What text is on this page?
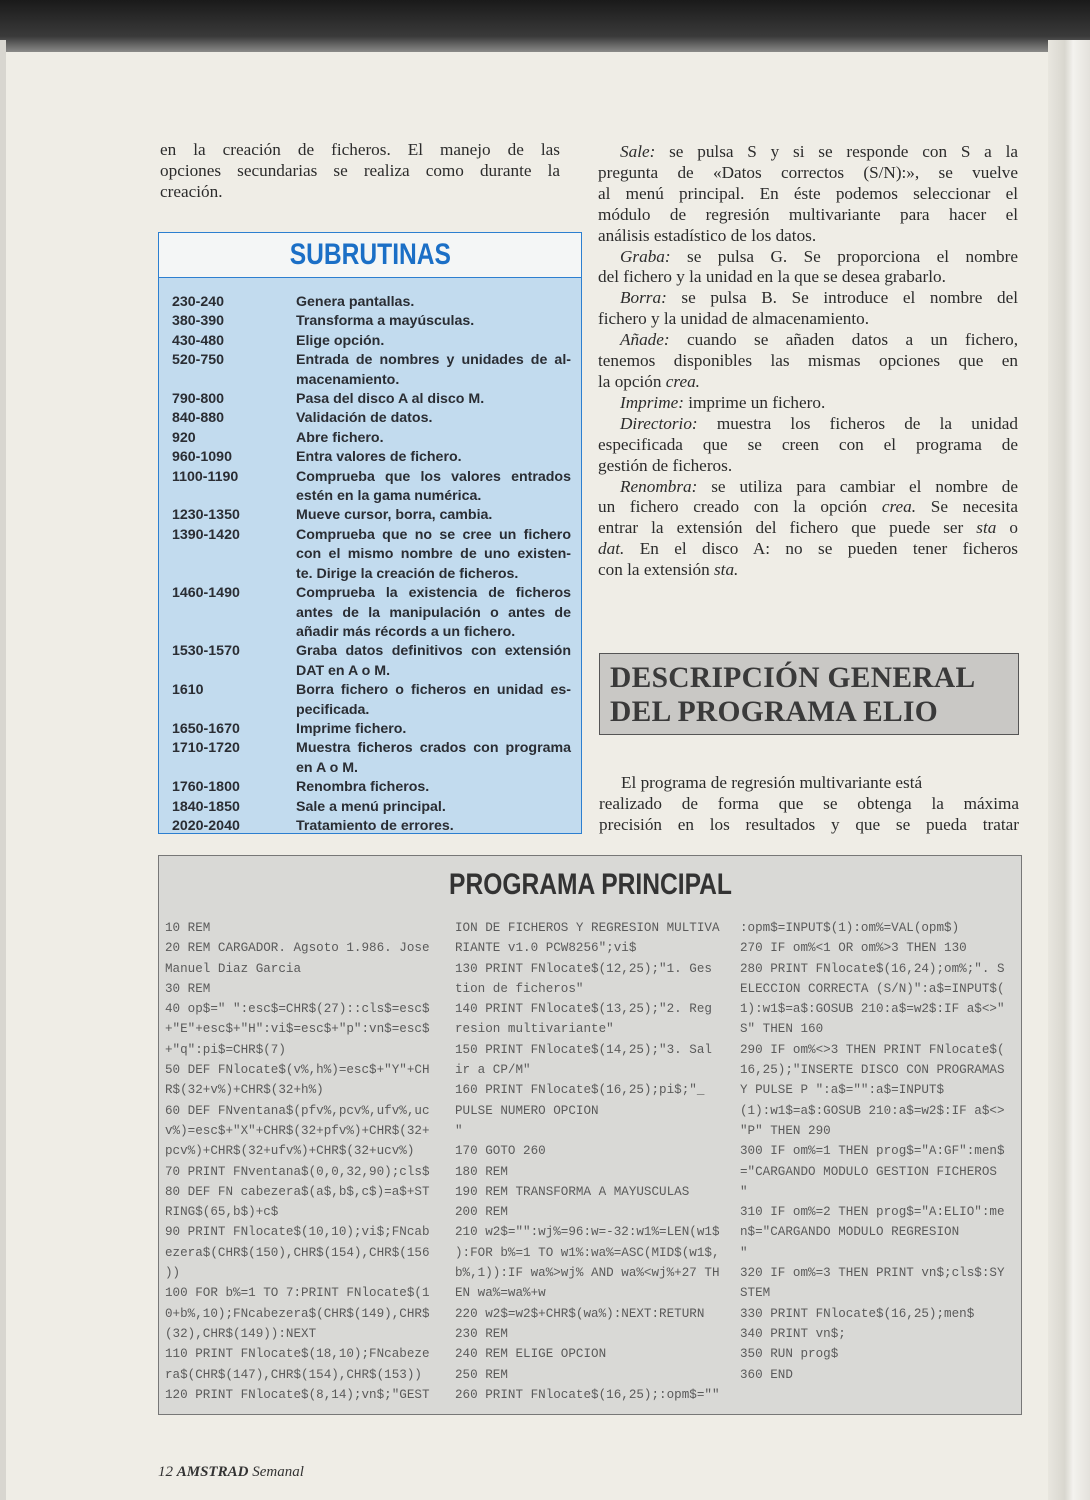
en la creación de ficheros. El manejo de las
opciones secundarias se realiza como durante la
creación.
SUBRUTINAS
230-240	Genera pantallas.
380-390	Transforma a mayúsculas.
430-480	Elige opción.
520-750	Entrada de nombres y unidades de al-
macenamiento.
790-800	Pasa del disco A al disco M.
840-880	Validación de datos.
920	Abre fichero.
960-1090	Entra valores de fichero.
1100-1190	Comprueba que los valores entrados
estén en la gama numérica.
1230-1350	Mueve cursor, borra, cambia.
1390-1420	Comprueba que no se cree un fichero
con el mismo nombre de uno existen-
te. Dirige la creación de ficheros.
1460-1490	Comprueba la existencia de ficheros
antes de la manipulación o antes de
añadir más récords a un fichero.
1530-1570	Graba datos definitivos con extensión
DAT en A o M.
1610	Borra fichero o ficheros en unidad es-
pecificada.
1650-1670	Imprime fichero.
1710-1720	Muestra ficheros crados con programa
en A o M.
1760-1800	Renombra ficheros.
1840-1850	Sale a menú principal.
2020-2040	Tratamiento de errores.
Sale: se pulsa S y si se responde con S a la
pregunta de «Datos correctos (S/N):», se vuelve
al menú principal. En éste podemos seleccionar el
módulo de regresión multivariante para hacer el
análisis estadístico de los datos.
Graba: se pulsa G. Se proporciona el nombre
del fichero y la unidad en la que se desea grabarlo.
Borra: se pulsa B. Se introduce el nombre del
fichero y la unidad de almacenamiento.
Añade: cuando se añaden datos a un fichero,
tenemos disponibles las mismas opciones que en
la opción crea.
Imprime: imprime un fichero.
Directorio: muestra los ficheros de la unidad
especificada que se creen con el programa de
gestión de ficheros.
Renombra: se utiliza para cambiar el nombre de
un fichero creado con la opción crea. Se necesita
entrar la extensión del fichero que puede ser sta o
dat. En el disco A: no se pueden tener ficheros
con la extensión sta.
DESCRIPCIÓN GENERAL
DEL PROGRAMA ELIO
El programa de regresión multivariante está
realizado de forma que se obtenga la máxima
precisión en los resultados y que se pueda tratar
PROGRAMA PRINCIPAL
10 REM
20 REM CARGADOR. Agsoto 1.986. Jose
Manuel Diaz Garcia
30 REM
40 op$=" ":esc$=CHR$(27)::cls$=esc$
+"E"+esc$+"H":vi$=esc$+"p":vn$=esc$
+"q":pi$=CHR$(7)
50 DEF FNlocate$(v%,h%)=esc$+"Y"+CH
R$(32+v%)+CHR$(32+h%)
60 DEF FNventana$(pfv%,pcv%,ufv%,uc
v%)=esc$+"X"+CHR$(32+pfv%)+CHR$(32+
pcv%)+CHR$(32+ufv%)+CHR$(32+ucv%)
70 PRINT FNventana$(0,0,32,90);cls$
80 DEF FN cabezera$(a$,b$,c$)=a$+ST
RING$(65,b$)+c$
90 PRINT FNlocate$(10,10);vi$;FNcab
ezera$(CHR$(150),CHR$(154),CHR$(156
))
100 FOR b%=1 TO 7:PRINT FNlocate$(1
0+b%,10);FNcabezera$(CHR$(149),CHR$
(32),CHR$(149)):NEXT
110 PRINT FNlocate$(18,10);FNcabeze
ra$(CHR$(147),CHR$(154),CHR$(153))
120 PRINT FNlocate$(8,14);vn$;"GEST
ION DE FICHEROS Y REGRESION MULTIVA
RIANTE v1.0 PCW8256";vi$
130 PRINT FNlocate$(12,25);"1. Ges
tion de ficheros"
140 PRINT FNlocate$(13,25);"2. Reg
resion multivariante"
150 PRINT FNlocate$(14,25);"3. Sal
ir a CP/M"
160 PRINT FNlocate$(16,25);pi$;"_
PULSE NUMERO OPCION
"
170 GOTO 260
180 REM
190 REM TRANSFORMA A MAYUSCULAS
200 REM
210 w2$="":wj%=96:w=-32:w1%=LEN(w1$
):FOR b%=1 TO w1%:wa%=ASC(MID$(w1$,
b%,1)):IF wa%>wj% AND wa%<wj%+27 TH
EN wa%=wa%+w
220 w2$=w2$+CHR$(wa%):NEXT:RETURN
230 REM
240 REM ELIGE OPCION
250 REM
260 PRINT FNlocate$(16,25);:opm$=""
:opm$=INPUT$(1):om%=VAL(opm$)
270 IF om%<1 OR om%>3 THEN 130
280 PRINT FNlocate$(16,24);om%;". S
ELECCION CORRECTA (S/N)":a$=INPUT$(
1):w1$=a$:GOSUB 210:a$=w2$:IF a$<>"
S" THEN 160
290 IF om%<>3 THEN PRINT FNlocate$(
16,25);"INSERTE DISCO CON PROGRAMAS
Y PULSE P ":a$="":a$=INPUT$
(1):w1$=a$:GOSUB 210:a$=w2$:IF a$<>
"P" THEN 290
300 IF om%=1 THEN prog$="A:GF":men$
="CARGANDO MODULO GESTION FICHEROS
"
310 IF om%=2 THEN prog$="A:ELIO":me
n$="CARGANDO MODULO REGRESION
"
320 IF om%=3 THEN PRINT vn$;cls$:SY
STEM
330 PRINT FNlocate$(16,25);men$
340 PRINT vn$;
350 RUN prog$
360 END
12 AMSTRAD Semanal
